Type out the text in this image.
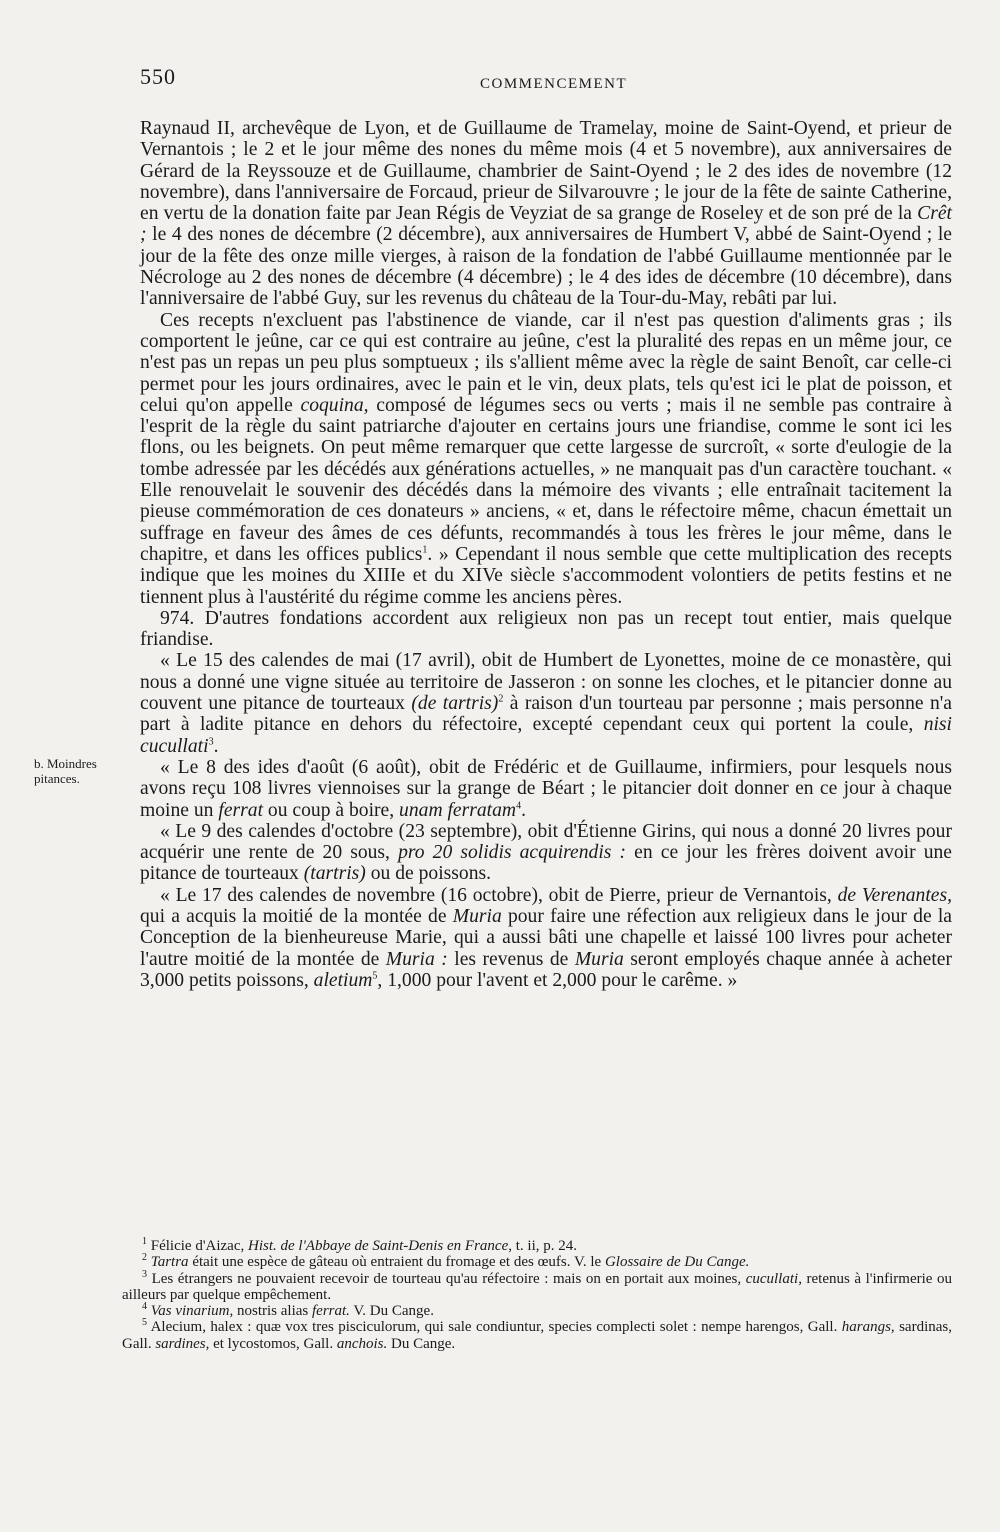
550	COMMENCEMENT
b. Moindres pitances.

Raynaud II, archevêque de Lyon, et de Guillaume de Tramelay, moine de Saint-Oyend, et prieur de Vernantois ; le 2 et le jour même des nones du même mois (4 et 5 novembre), aux anniversaires de Gérard de la Reyssouze et de Guillaume, chambrier de Saint-Oyend ; le 2 des ides de novembre (12 novembre), dans l'anniversaire de Forcaud, prieur de Silvarouvre ; le jour de la fête de sainte Catherine, en vertu de la donation faite par Jean Régis de Veyziat de sa grange de Roseley et de son pré de la Crêt ; le 4 des nones de décembre (2 décembre), aux anniversaires de Humbert V, abbé de Saint-Oyend ; le jour de la fête des onze mille vierges, à raison de la fondation de l'abbé Guillaume mentionnée par le Nécrologe au 2 des nones de décembre (4 décembre) ; le 4 des ides de décembre (10 décembre), dans l'anniversaire de l'abbé Guy, sur les revenus du château de la Tour-du-May, rebâti par lui.

Ces recepts n'excluent pas l'abstinence de viande, car il n'est pas question d'aliments gras ; ils comportent le jeûne, car ce qui est contraire au jeûne, c'est la pluralité des repas en un même jour, ce n'est pas un repas un peu plus somptueux ; ils s'allient même avec la règle de saint Benoît, car celle-ci permet pour les jours ordinaires, avec le pain et le vin, deux plats, tels qu'est ici le plat de poisson, et celui qu'on appelle coquina, composé de légumes secs ou verts ; mais il ne semble pas contraire à l'esprit de la règle du saint patriarche d'ajouter en certains jours une friandise, comme le sont ici les flons, ou les beignets. On peut même remarquer que cette largesse de surcroît, « sorte d'eulogie de la tombe adressée par les décédés aux générations actuelles, » ne manquait pas d'un caractère touchant. « Elle renouvelait le souvenir des décédés dans la mémoire des vivants ; elle entraînait tacitement la pieuse commémoration de ces donateurs » anciens, « et, dans le réfectoire même, chacun émettait un suffrage en faveur des âmes de ces défunts, recommandés à tous les frères le jour même, dans le chapitre, et dans les offices publics$^1$. » Cependant il nous semble que cette multiplication des recepts indique que les moines du XIIIe et du XIVe siècle s'accommodent volontiers de petits festins et ne tiennent plus à l'austérité du régime comme les anciens pères.

974. D'autres fondations accordent aux religieux non pas un recept tout entier, mais quelque friandise.

« Le 15 des calendes de mai (17 avril), obit de Humbert de Lyonettes, moine de ce monastère, qui nous a donné une vigne située au territoire de Jasseron : on sonne les cloches, et le pitancier donne au couvent une pitance de tourteaux (de tartris)$^2$ à raison d'un tourteau par personne ; mais personne n'a part à ladite pitance en dehors du réfectoire, excepté cependant ceux qui portent la coule, nisi cucullati$^3$.

« Le 8 des ides d'août (6 août), obit de Frédéric et de Guillaume, infirmiers, pour lesquels nous avons reçu 108 livres viennoises sur la grange de Béart ; le pitancier doit donner en ce jour à chaque moine un ferrat ou coup à boire, unam ferratam$^4$.

« Le 9 des calendes d'octobre (23 septembre), obit d'Étienne Girins, qui nous a donné 20 livres pour acquérir une rente de 20 sous, pro 20 solidis acquirendis : en ce jour les frères doivent avoir une pitance de tourteaux (tartris) ou de poissons.

« Le 17 des calendes de novembre (16 octobre), obit de Pierre, prieur de Vernantois, de Verenantes, qui a acquis la moitié de la montée de Muria pour faire une réfection aux religieux dans le jour de la Conception de la bienheureuse Marie, qui a aussi bâti une chapelle et laissé 100 livres pour acheter l'autre moitié de la montée de Muria : les revenus de Muria seront employés chaque année à acheter 3,000 petits poissons, aletium$^5$, 1,000 pour l'avent et 2,000 pour le carême. »

$^1$ Félicie d'Aizac, Hist. de l'Abbaye de Saint-Denis en France, t. ii, p. 24.

$^2$ Tartra était une espèce de gâteau où entraient du fromage et des œufs. V. le Glossaire de Du Cange.

$^3$ Les étrangers ne pouvaient recevoir de tourteau qu'au réfectoire : mais on en portait aux moines, cucullati, retenus à l'infirmerie ou ailleurs par quelque empêchement.

$^4$ Vas vinarium, nostris alias ferrat. V. Du Cange.

$^5$ Alecium, halex : quæ vox tres pisciculorum, qui sale condiuntur, species complecti solet : nempe harengos, Gall. harangs, sardinas, Gall. sardines, et lycostomos, Gall. anchois. Du Cange.
